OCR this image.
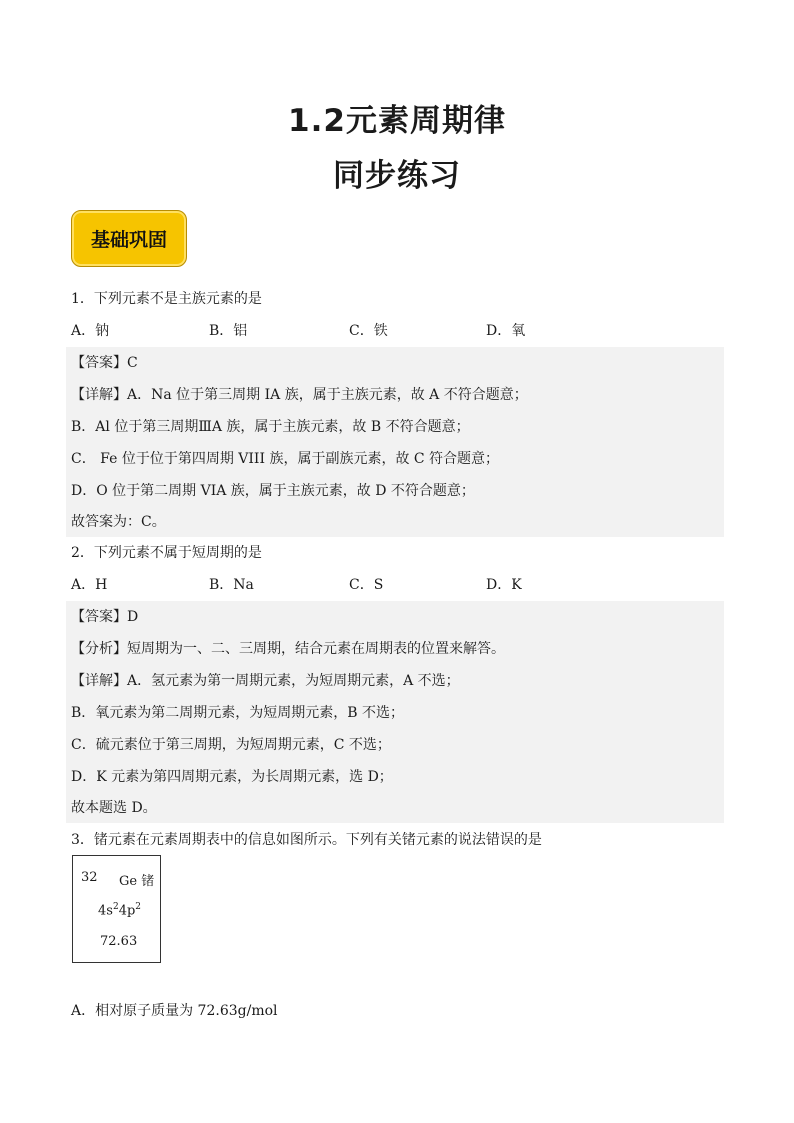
1.2元素周期律
同步练习
基础巩固
1．下列元素不是主族元素的是
A．钠	B．铝	C．铁	D．氧
【答案】C
【详解】A．Na 位于第三周期 IA 族，属于主族元素，故 A 不符合题意；
B．Al 位于第三周期ⅢA 族，属于主族元素，故 B 不符合题意；
C． Fe 位于位于第四周期 VIII 族，属于副族元素，故 C 符合题意；
D．O 位于第二周期 VIA 族，属于主族元素，故 D 不符合题意；
故答案为：C。
2．下列元素不属于短周期的是
A．H	B．Na	C．S	D．K
【答案】D
【分析】短周期为一、二、三周期，结合元素在周期表的位置来解答。
【详解】A．氢元素为第一周期元素，为短周期元素，A 不选；
B．氧元素为第二周期元素，为短周期元素，B 不选；
C．硫元素位于第三周期，为短周期元素，C 不选；
D．K 元素为第四周期元素，为长周期元素，选 D；
故本题选 D。
3．锗元素在元素周期表中的信息如图所示。下列有关锗元素的说法错误的是
32 Ge 锗
$4s^24p^2$
72.63
A．相对原子质量为 72.63g/mol
